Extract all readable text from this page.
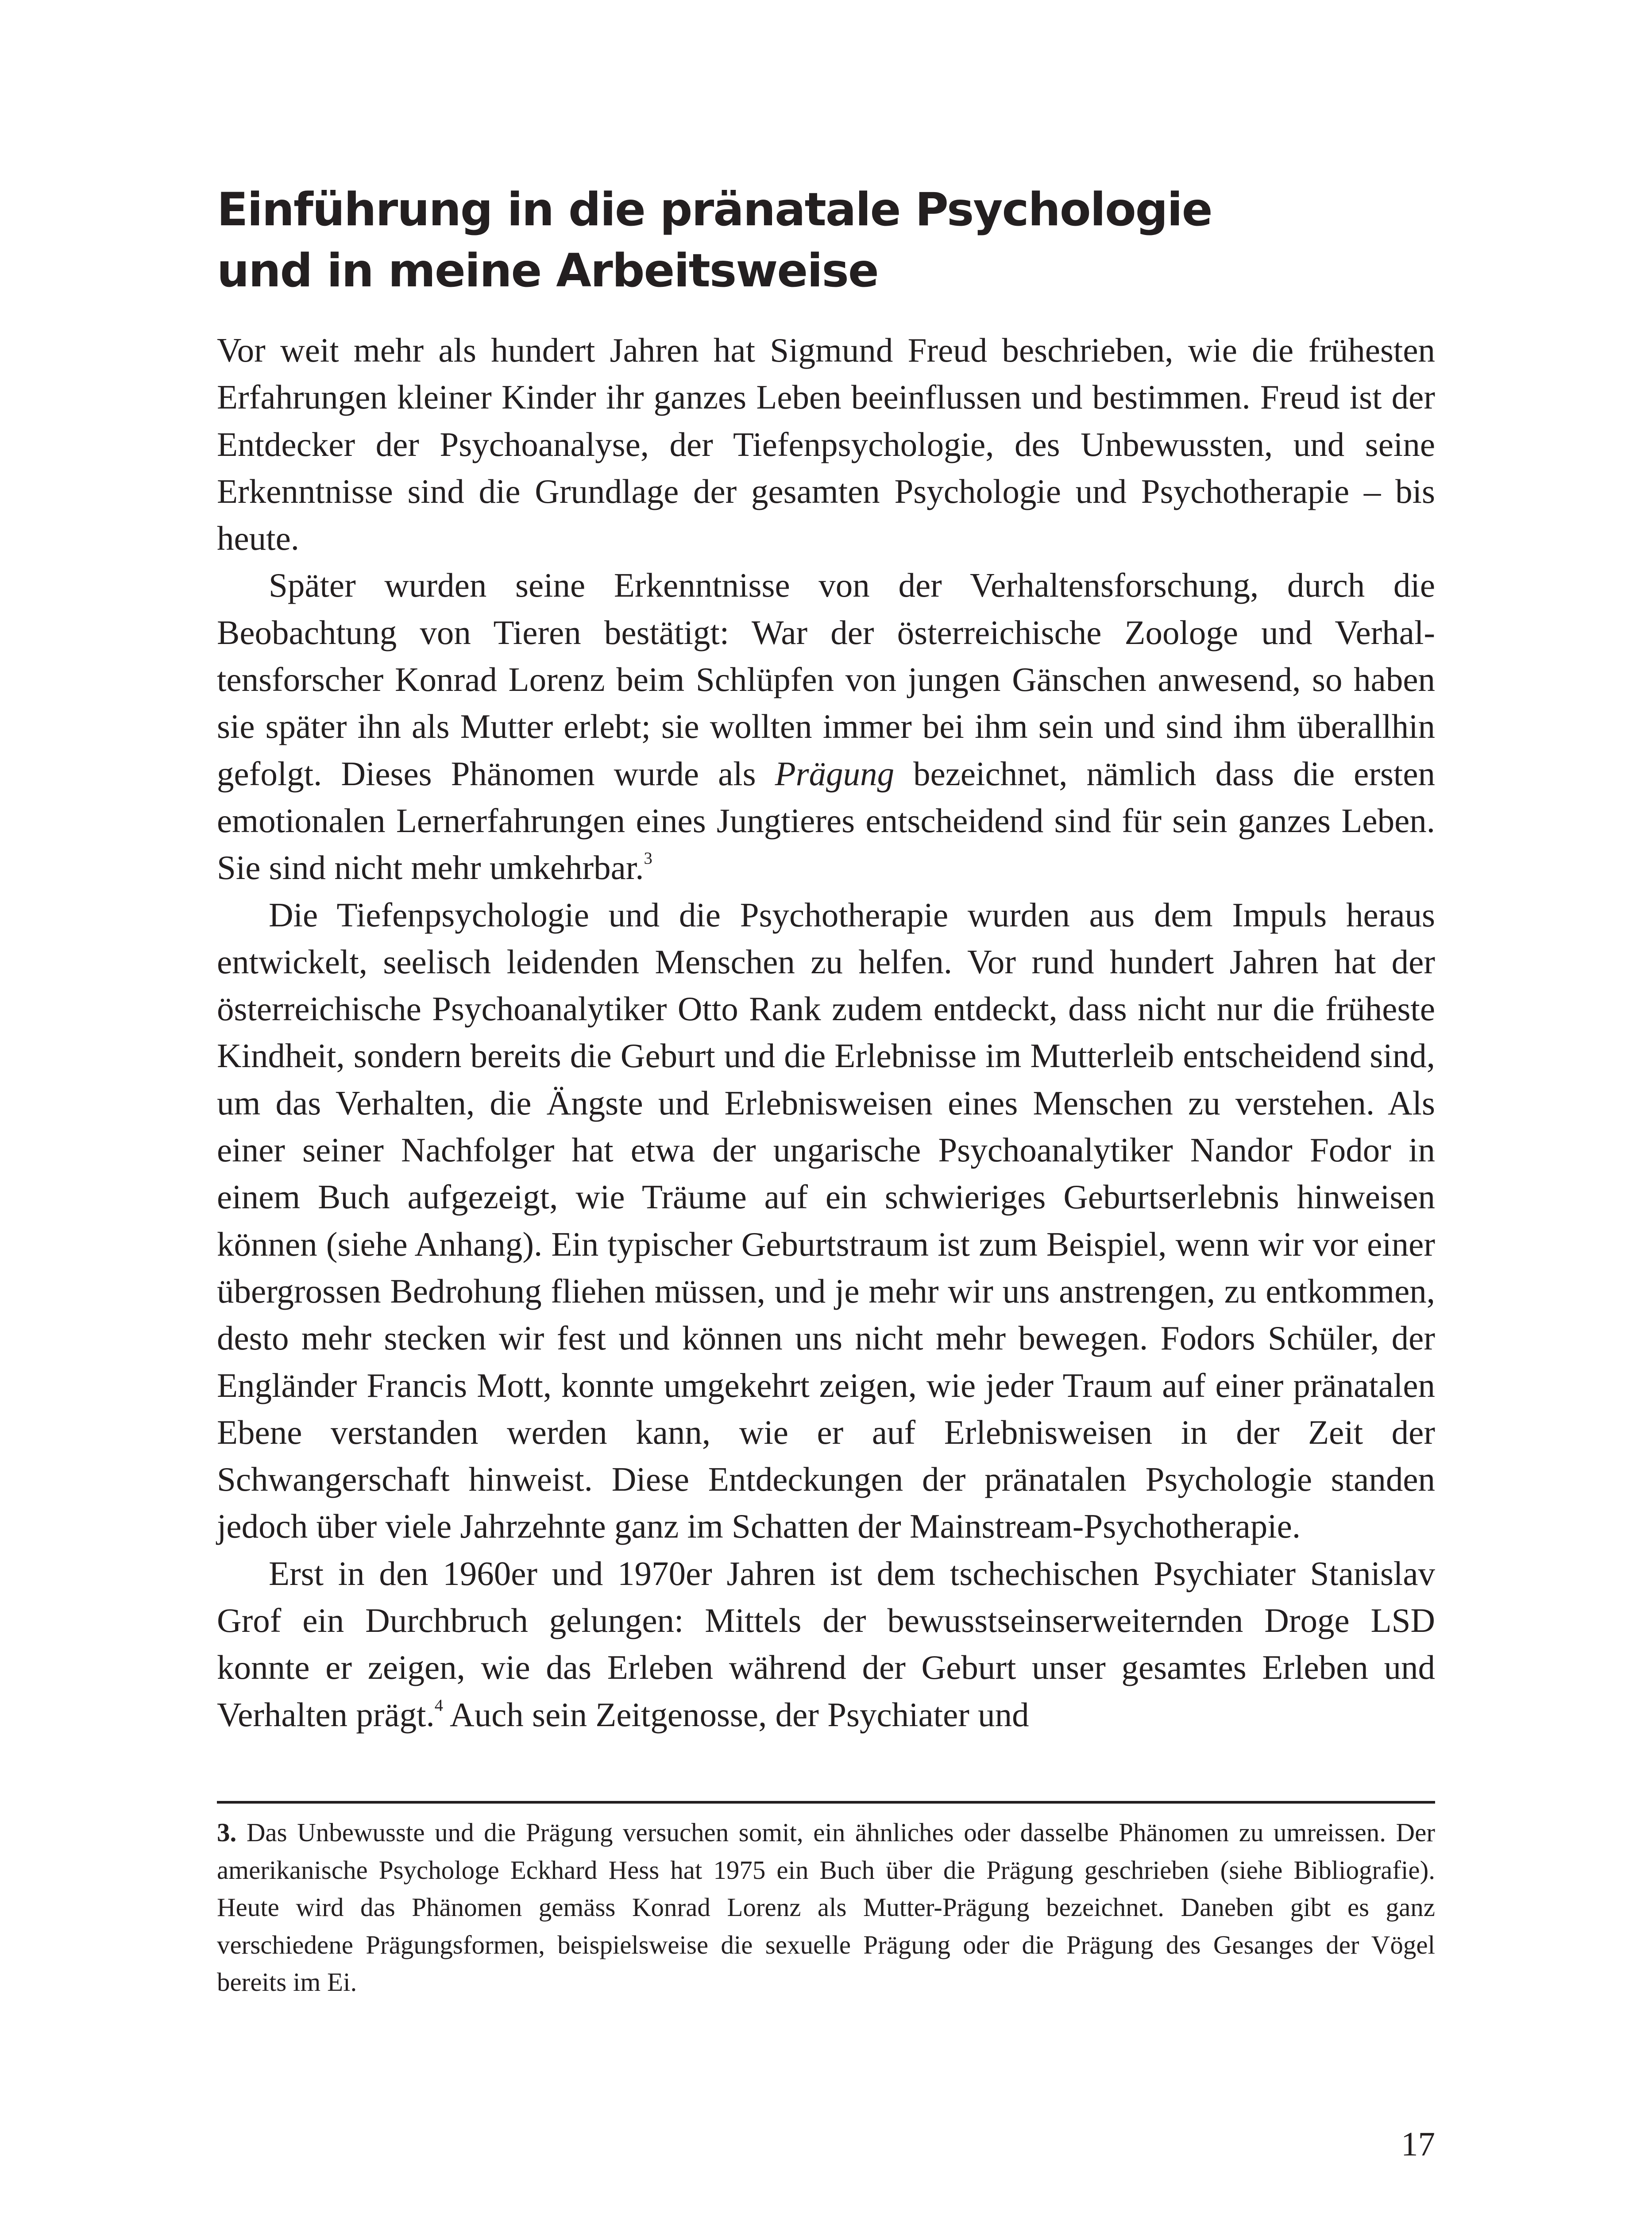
Einführung in die pränatale Psychologie
und in meine Arbeitsweise

Vor weit mehr als hundert Jahren hat Sigmund Freud beschrieben, wie die frühesten Erfahrungen kleiner Kinder ihr ganzes Leben beeinflussen und bestimmen. Freud ist der Entdecker der Psychoanalyse, der Tiefenpsychologie, des Unbewussten, und seine Erkenntnisse sind die Grundlage der gesamten Psychologie und Psychotherapie – bis heute.

Später wurden seine Erkenntnisse von der Verhaltensforschung, durch die Beobachtung von Tieren bestätigt: War der österreichische Zoologe und Verhaltensforscher Konrad Lorenz beim Schlüpfen von jungen Gänschen anwesend, so haben sie später ihn als Mutter erlebt; sie wollten immer bei ihm sein und sind ihm überallhin gefolgt. Dieses Phänomen wurde als Prägung bezeichnet, nämlich dass die ersten emotionalen Lernerfahrungen eines Jungtieres entscheidend sind für sein ganzes Leben. Sie sind nicht mehr umkehrbar.$^3$

Die Tiefenpsychologie und die Psychotherapie wurden aus dem Impuls heraus entwickelt, seelisch leidenden Menschen zu helfen. Vor rund hundert Jahren hat der österreichische Psychoanalytiker Otto Rank zudem entdeckt, dass nicht nur die früheste Kindheit, sondern bereits die Geburt und die Erlebnisse im Mutterleib entscheidend sind, um das Verhalten, die Ängste und Erlebnisweisen eines Menschen zu verstehen. Als einer seiner Nachfolger hat etwa der ungarische Psychoanalytiker Nandor Fodor in einem Buch aufgezeigt, wie Träume auf ein schwieriges Geburtserlebnis hinweisen können (siehe Anhang). Ein typischer Geburtstraum ist zum Beispiel, wenn wir vor einer übergrossen Bedrohung fliehen müssen, und je mehr wir uns anstrengen, zu entkommen, desto mehr stecken wir fest und können uns nicht mehr bewegen. Fodors Schüler, der Engländer Francis Mott, konnte umgekehrt zeigen, wie jeder Traum auf einer pränatalen Ebene verstanden werden kann, wie er auf Erlebnisweisen in der Zeit der Schwangerschaft hinweist. Diese Entdeckungen der pränatalen Psychologie standen jedoch über viele Jahrzehnte ganz im Schatten der Mainstream-Psychotherapie.

Erst in den 1960er und 1970er Jahren ist dem tschechischen Psychiater Stanislav Grof ein Durchbruch gelungen: Mittels der bewusstseinserweiternden Droge LSD konnte er zeigen, wie das Erleben während der Geburt unser gesamtes Erleben und Verhalten prägt.$^4$ Auch sein Zeitgenosse, der Psychiater und

3. Das Unbewusste und die Prägung versuchen somit, ein ähnliches oder dasselbe Phänomen zu umreissen. Der amerikanische Psychologe Eckhard Hess hat 1975 ein Buch über die Prägung geschrieben (siehe Bibliografie). Heute wird das Phänomen gemäss Konrad Lorenz als Mutter-Prägung bezeichnet. Daneben gibt es ganz verschiedene Prägungsformen, beispielsweise die sexuelle Prägung oder die Prägung des Gesanges der Vögel bereits im Ei.

17
